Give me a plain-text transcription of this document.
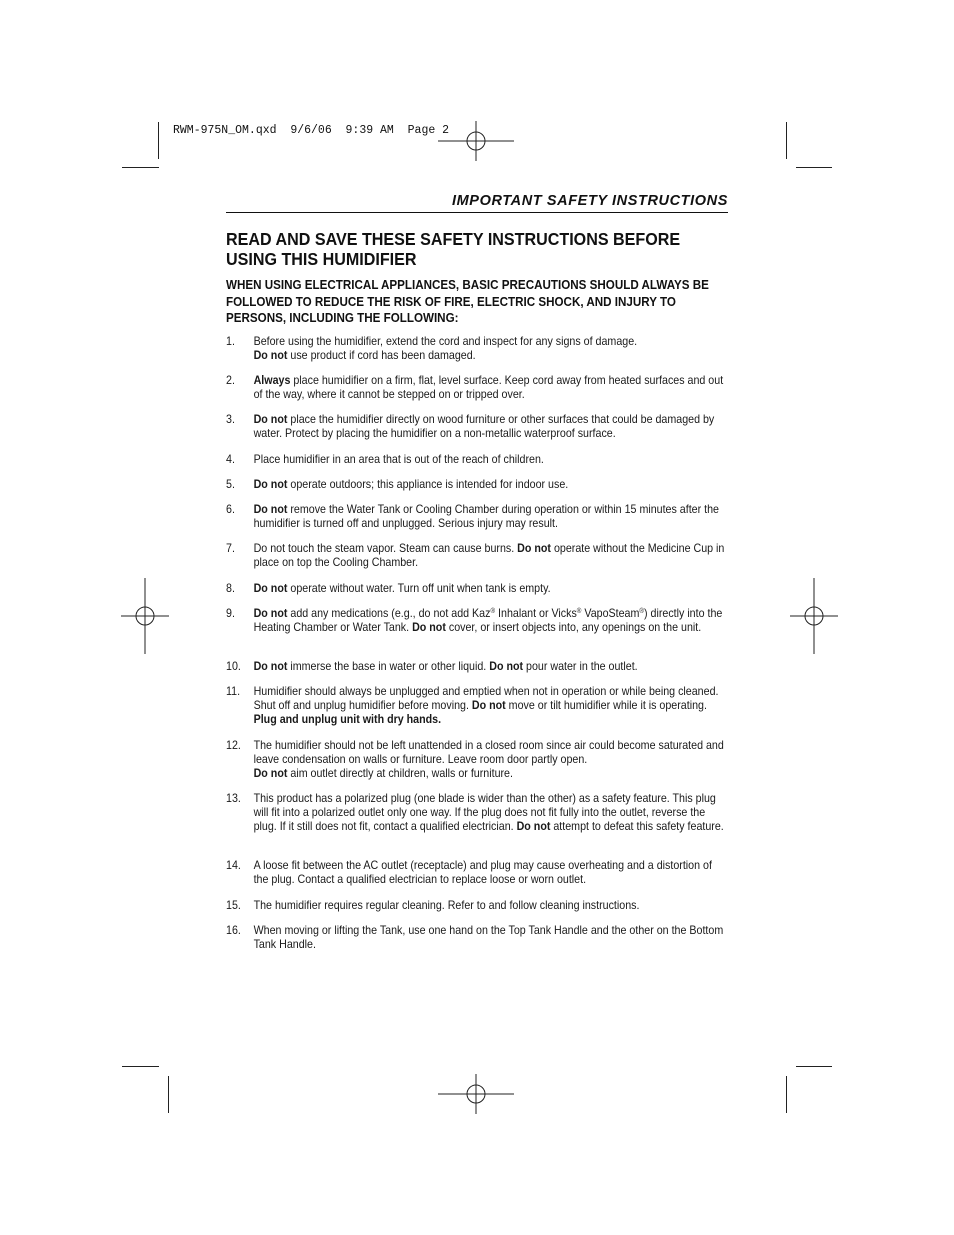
RWM-975N_OM.qxd  9/6/06  9:39 AM  Page 2
IMPORTANT SAFETY INSTRUCTIONS
READ AND SAVE THESE SAFETY INSTRUCTIONS BEFORE USING THIS HUMIDIFIER
WHEN USING ELECTRICAL APPLIANCES, BASIC PRECAUTIONS SHOULD ALWAYS BE FOLLOWED TO REDUCE THE RISK OF FIRE, ELECTRIC SHOCK, AND INJURY TO PERSONS, INCLUDING THE FOLLOWING:
1.	Before using the humidifier, extend the cord and inspect for any signs of damage.

Do not use product if cord has been damaged.

2.	Always place humidifier on a firm, flat, level surface. Keep cord away from heated surfaces and out of the way, where it cannot be stepped on or tripped over.

3.	Do not place the humidifier directly on wood furniture or other surfaces that could be damaged by water. Protect by placing the humidifier on a non-metallic waterproof surface.

4.	Place humidifier in an area that is out of the reach of children.

5.	Do not operate outdoors; this appliance is intended for indoor use.

6.	Do not remove the Water Tank or Cooling Chamber during operation or within 15 minutes after the humidifier is turned off and unplugged. Serious injury may result.

7.	Do not touch the steam vapor. Steam can cause burns. Do not operate without the Medicine Cup in place on top the Cooling Chamber.

8.	Do not operate without water. Turn off unit when tank is empty.

9.	Do not add any medications (e.g., do not add Kaz® Inhalant or Vicks® VapoSteam®) directly into the Heating Chamber or Water Tank. Do not cover, or insert objects into, any openings on the unit.

10.	Do not immerse the base in water or other liquid. Do not pour water in the outlet.

11.	Humidifier should always be unplugged and emptied when not in operation or while being cleaned. Shut off and unplug humidifier before moving. Do not move or tilt humidifier while it is operating. Plug and unplug unit with dry hands.

12.	The humidifier should not be left unattended in a closed room since air could become saturated and leave condensation on walls or furniture. Leave room door partly open.

Do not aim outlet directly at children, walls or furniture.

13.	This product has a polarized plug (one blade is wider than the other) as a safety feature. This plug will fit into a polarized outlet only one way. If the plug does not fit fully into the outlet, reverse the plug. If it still does not fit, contact a qualified electrician. Do not attempt to defeat this safety feature.

14.	A loose fit between the AC outlet (receptacle) and plug may cause overheating and a distortion of the plug. Contact a qualified electrician to replace loose or worn outlet.

15.	The humidifier requires regular cleaning. Refer to and follow cleaning instructions.

16.	When moving or lifting the Tank, use one hand on the Top Tank Handle and the other on the Bottom Tank Handle.
